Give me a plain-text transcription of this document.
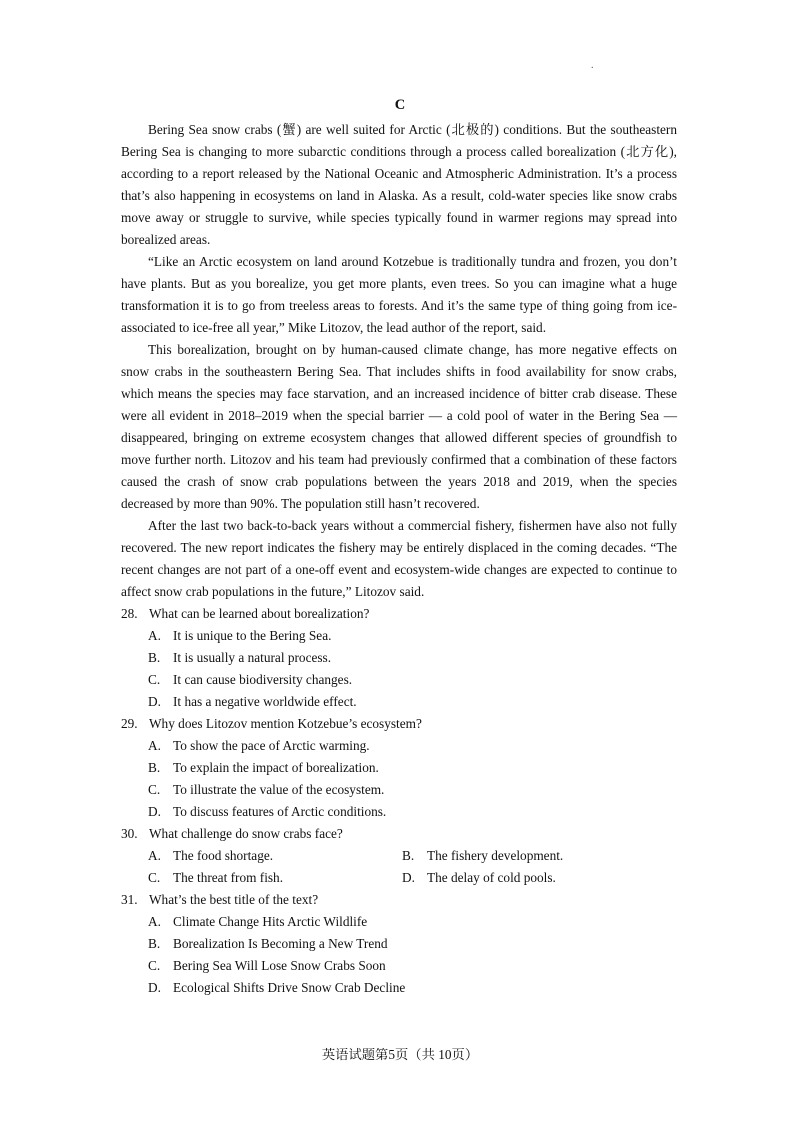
.
C

Bering Sea snow crabs (蟹) are well suited for Arctic (北极的) conditions. But the southeastern Bering Sea is changing to more subarctic conditions through a process called borealization (北方化), according to a report released by the National Oceanic and Atmospheric Administration. It’s a process that’s also happening in ecosystems on land in Alaska. As a result, cold-water species like snow crabs move away or struggle to survive, while species typically found in warmer regions may spread into borealized areas.

“Like an Arctic ecosystem on land around Kotzebue is traditionally tundra and frozen, you don’t have plants. But as you borealize, you get more plants, even trees. So you can imagine what a huge transformation it is to go from treeless areas to forests. And it’s the same type of thing going from ice-associated to ice-free all year,” Mike Litozov, the lead author of the report, said.

This borealization, brought on by human-caused climate change, has more negative effects on snow crabs in the southeastern Bering Sea. That includes shifts in food availability for snow crabs, which means the species may face starvation, and an increased incidence of bitter crab disease. These were all evident in 2018–2019 when the special barrier — a cold pool of water in the Bering Sea — disappeared, bringing on extreme ecosystem changes that allowed different species of groundfish to move further north. Litozov and his team had previously confirmed that a combination of these factors caused the crash of snow crab populations between the years 2018 and 2019, when the species decreased by more than 90%. The population still hasn’t recovered.

After the last two back-to-back years without a commercial fishery, fishermen have also not fully recovered. The new report indicates the fishery may be entirely displaced in the coming decades. “The recent changes are not part of a one-off event and ecosystem-wide changes are expected to continue to affect snow crab populations in the future,” Litozov said.

28. What can be learned about borealization?

A. It is unique to the Bering Sea.

B. It is usually a natural process.

C. It can cause biodiversity changes.

D. It has a negative worldwide effect.

29. Why does Litozov mention Kotzebue’s ecosystem?

A. To show the pace of Arctic warming.

B. To explain the impact of borealization.

C. To illustrate the value of the ecosystem.

D. To discuss features of Arctic conditions.

30. What challenge do snow crabs face?

A. The food shortage.	B. The fishery development.
C. The threat from fish.	D. The delay of cold pools.

31. What’s the best title of the text?

A. Climate Change Hits Arctic Wildlife

B. Borealization Is Becoming a New Trend

C. Bering Sea Will Lose Snow Crabs Soon

D. Ecological Shifts Drive Snow Crab Decline

英语试题第5页（共 10页）
